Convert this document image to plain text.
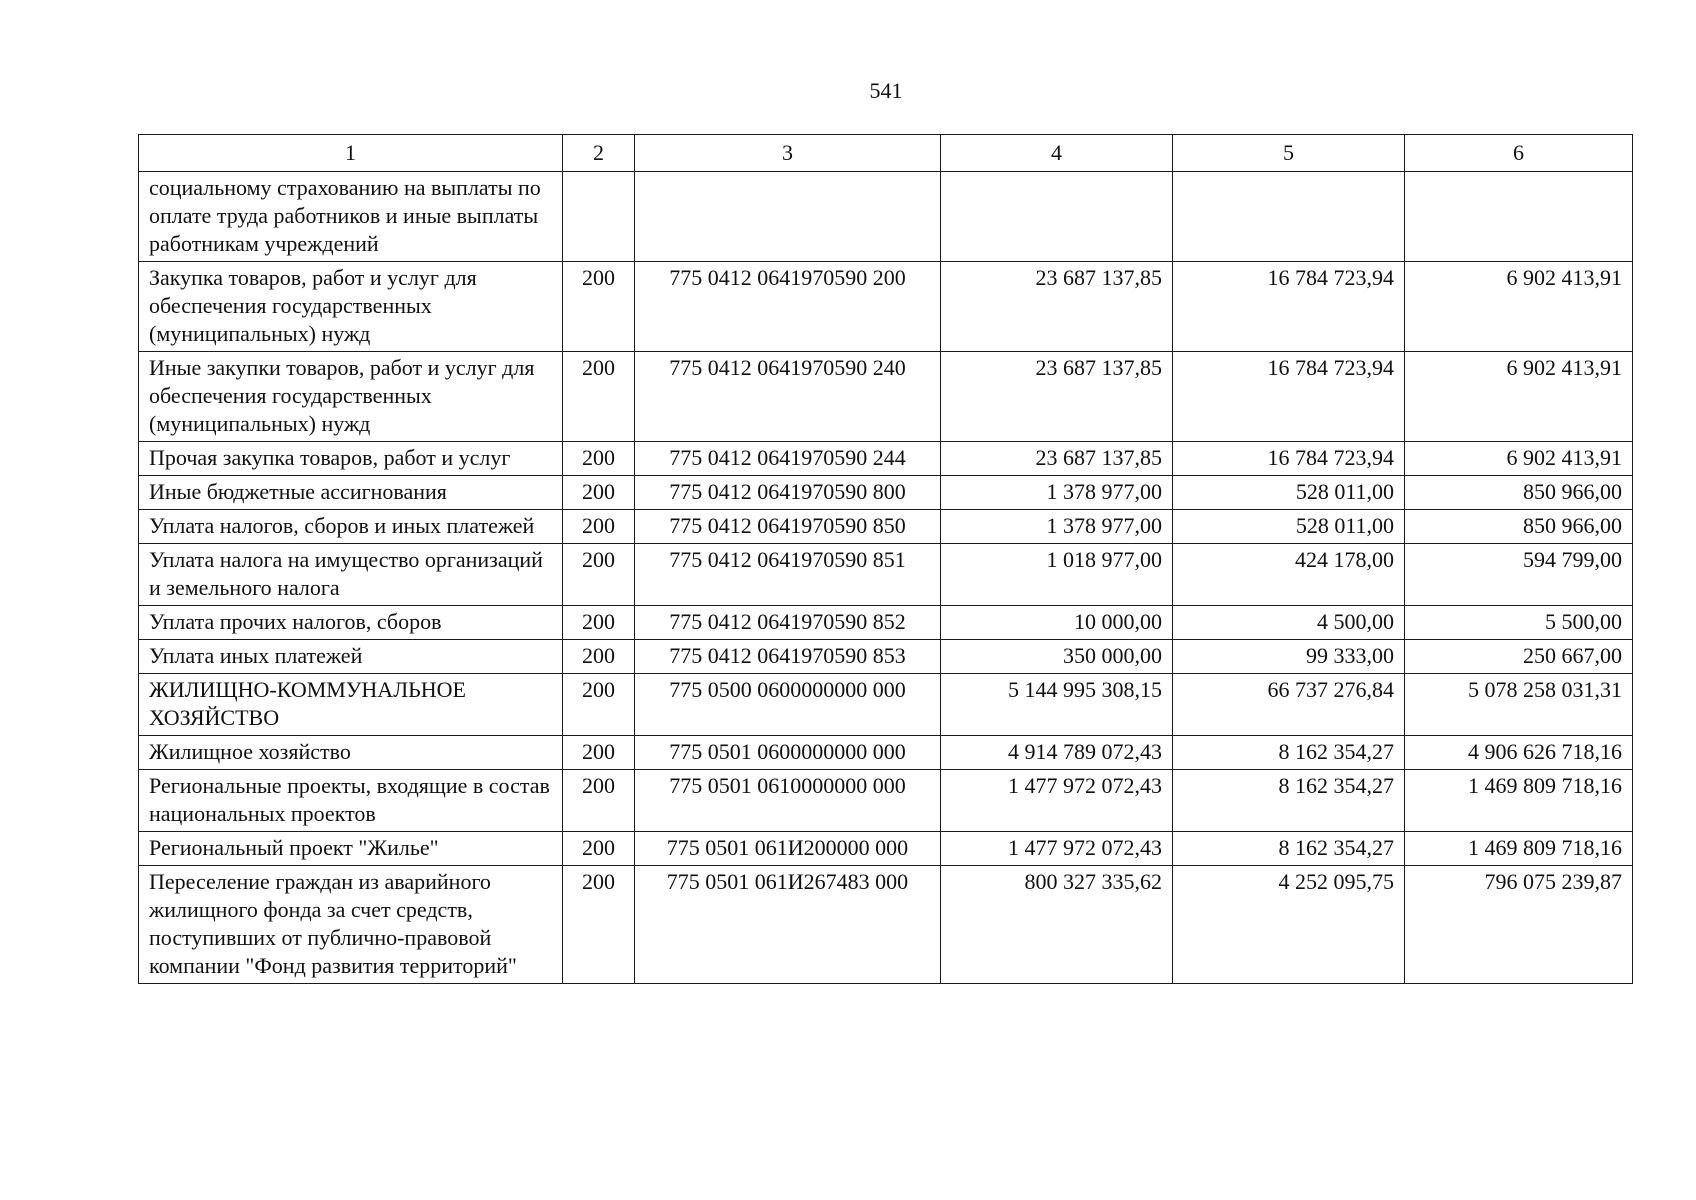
541
1	2	3	4	5	6
социальному страхованию на выплаты по оплате труда работников и иные выплаты работникам учреждений					
Закупка товаров, работ и услуг для обеспечения государственных (муниципальных) нужд	200	775 0412 0641970590 200	23 687 137,85	16 784 723,94	6 902 413,91
Иные закупки товаров, работ и услуг для обеспечения государственных (муниципальных) нужд	200	775 0412 0641970590 240	23 687 137,85	16 784 723,94	6 902 413,91
Прочая закупка товаров, работ и услуг	200	775 0412 0641970590 244	23 687 137,85	16 784 723,94	6 902 413,91
Иные бюджетные ассигнования	200	775 0412 0641970590 800	1 378 977,00	528 011,00	850 966,00
Уплата налогов, сборов и иных платежей	200	775 0412 0641970590 850	1 378 977,00	528 011,00	850 966,00
Уплата налога на имущество организаций и земельного налога	200	775 0412 0641970590 851	1 018 977,00	424 178,00	594 799,00
Уплата прочих налогов, сборов	200	775 0412 0641970590 852	10 000,00	4 500,00	5 500,00
Уплата иных платежей	200	775 0412 0641970590 853	350 000,00	99 333,00	250 667,00
ЖИЛИЩНО-КОММУНАЛЬНОЕ ХОЗЯЙСТВО	200	775 0500 0600000000 000	5 144 995 308,15	66 737 276,84	5 078 258 031,31
Жилищное хозяйство	200	775 0501 0600000000 000	4 914 789 072,43	8 162 354,27	4 906 626 718,16
Региональные проекты, входящие в состав национальных проектов	200	775 0501 0610000000 000	1 477 972 072,43	8 162 354,27	1 469 809 718,16
Региональный проект "Жилье"	200	775 0501 061И200000 000	1 477 972 072,43	8 162 354,27	1 469 809 718,16
Переселение граждан из аварийного жилищного фонда за счет средств, поступивших от публично-правовой компании "Фонд развития территорий"	200	775 0501 061И267483 000	800 327 335,62	4 252 095,75	796 075 239,87
